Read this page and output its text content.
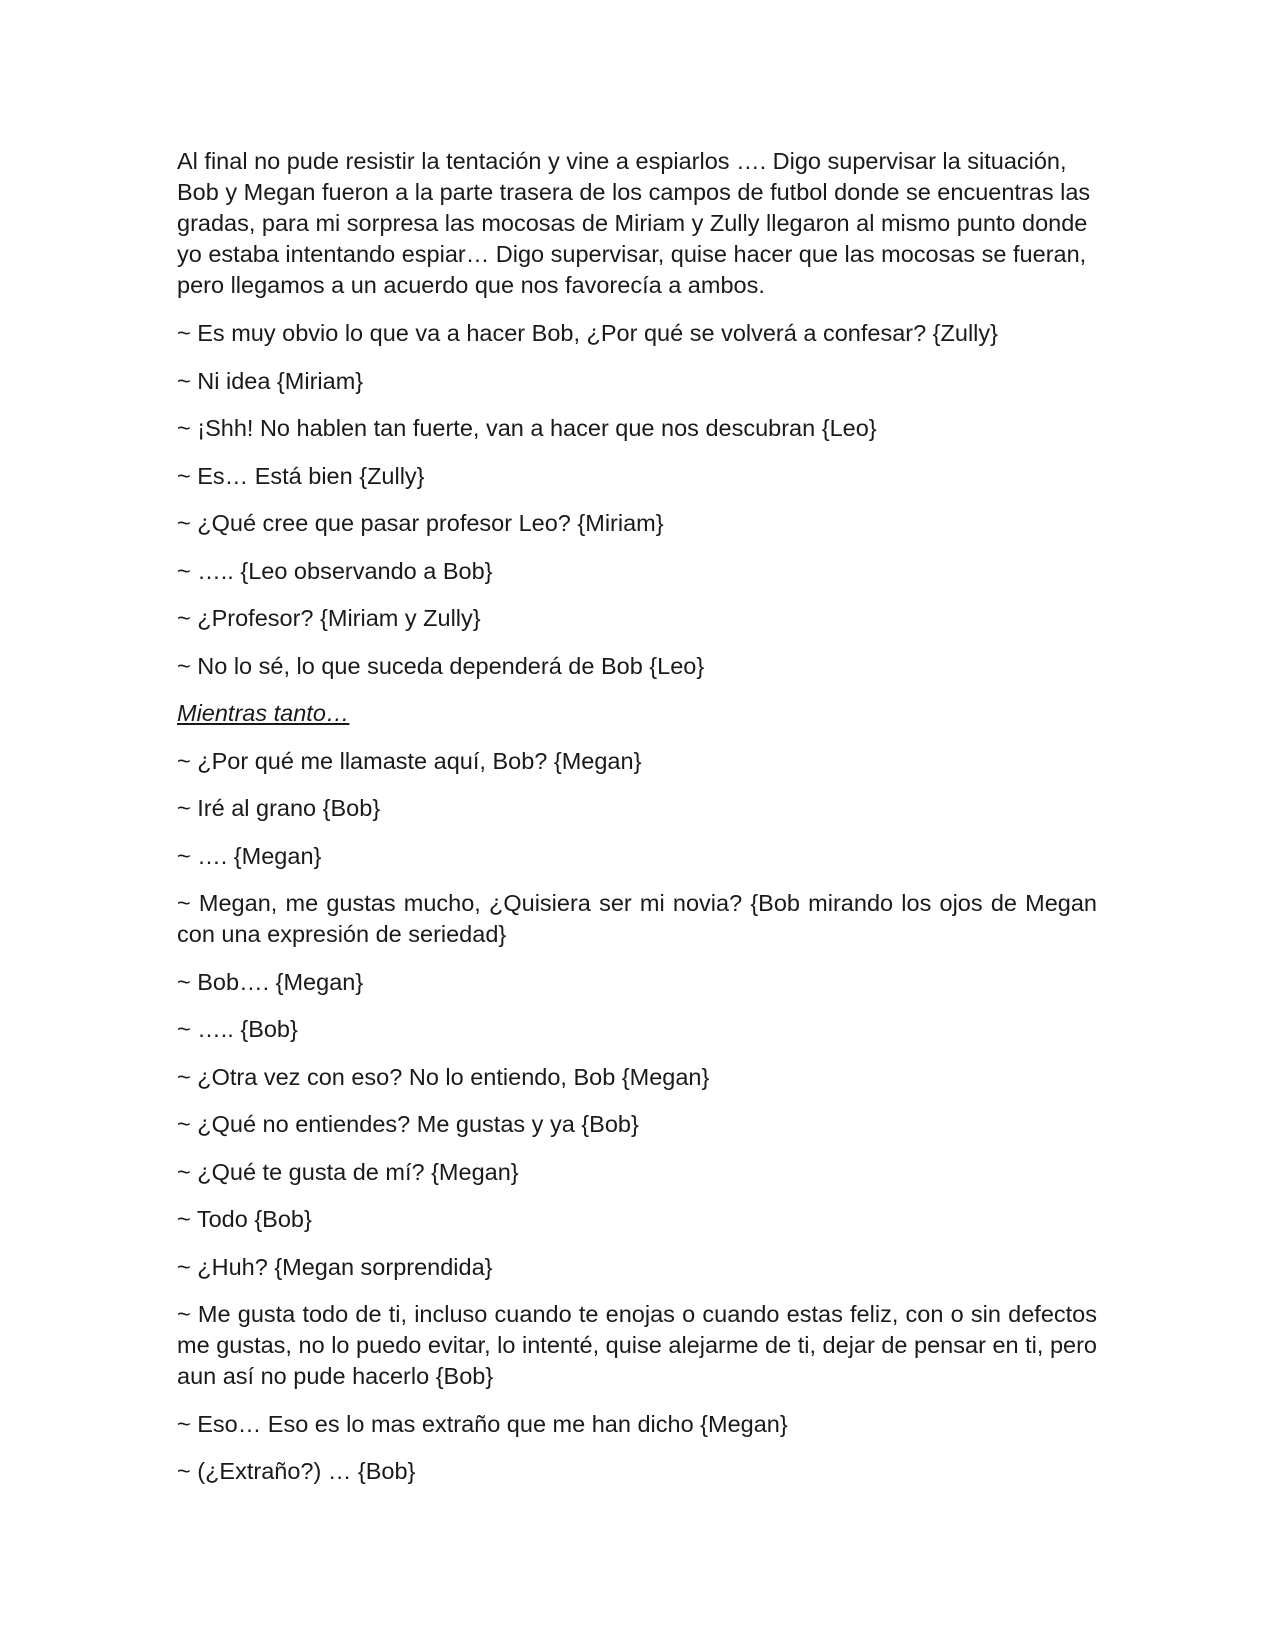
Al final no pude resistir la tentación y vine a espiarlos …. Digo supervisar la situación, Bob y Megan fueron a la parte trasera de los campos de futbol donde se encuentras las gradas, para mi sorpresa las mocosas de Miriam y Zully llegaron al mismo punto donde yo estaba intentando espiar… Digo supervisar, quise hacer que las mocosas se fueran, pero llegamos a un acuerdo que nos favorecía a ambos.

~ Es muy obvio lo que va a hacer Bob, ¿Por qué se volverá a confesar? {Zully}

~ Ni idea {Miriam}

~ ¡Shh! No hablen tan fuerte, van a hacer que nos descubran {Leo}

~ Es… Está bien {Zully}

~ ¿Qué cree que pasar profesor Leo? {Miriam}

~ ….. {Leo observando a Bob}

~ ¿Profesor? {Miriam y Zully}

~ No lo sé, lo que suceda dependerá de Bob {Leo}

Mientras tanto…

~ ¿Por qué me llamaste aquí, Bob? {Megan}

~ Iré al grano {Bob}

~ …. {Megan}

~ Megan, me gustas mucho, ¿Quisiera ser mi novia? {Bob mirando los ojos de Megan con una expresión de seriedad}

~ Bob…. {Megan}

~ ….. {Bob}

~ ¿Otra vez con eso? No lo entiendo, Bob {Megan}

~ ¿Qué no entiendes? Me gustas y ya {Bob}

~ ¿Qué te gusta de mí? {Megan}

~ Todo {Bob}

~ ¿Huh? {Megan sorprendida}

~ Me gusta todo de ti, incluso cuando te enojas o cuando estas feliz, con o sin defectos me gustas, no lo puedo evitar, lo intenté, quise alejarme de ti, dejar de pensar en ti, pero aun así no pude hacerlo {Bob}

~ Eso… Eso es lo mas extraño que me han dicho {Megan}

~ (¿Extraño?) … {Bob}
